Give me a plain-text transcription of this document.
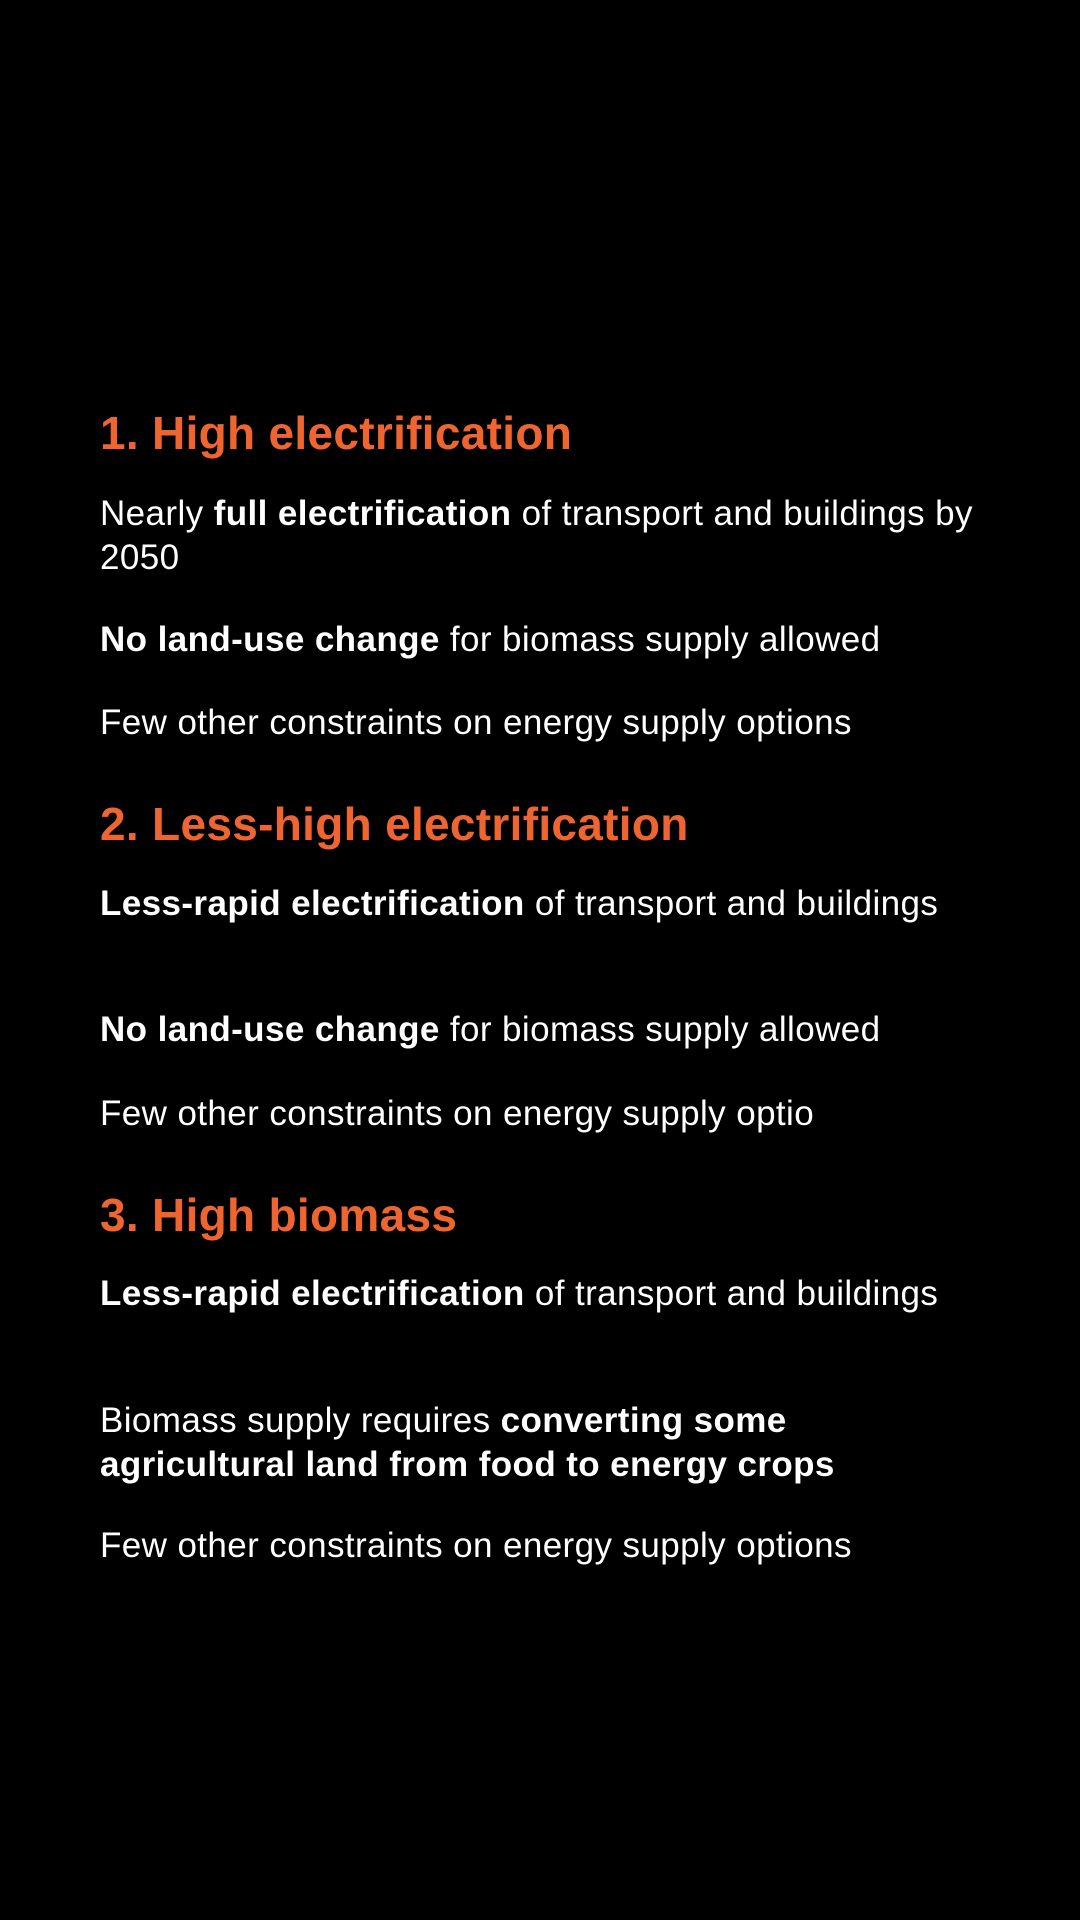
1. High electrification

Nearly full electrification of transport and buildings by 2050

No land-use change for biomass supply allowed

Few other constraints on energy supply options

2. Less-high electrification

Less-rapid electrification of transport and buildings

No land-use change for biomass supply allowed

Few other constraints on energy supply optio

3. High biomass

Less-rapid electrification of transport and buildings

Biomass supply requires converting some agricultural land from food to energy crops

Few other constraints on energy supply options
